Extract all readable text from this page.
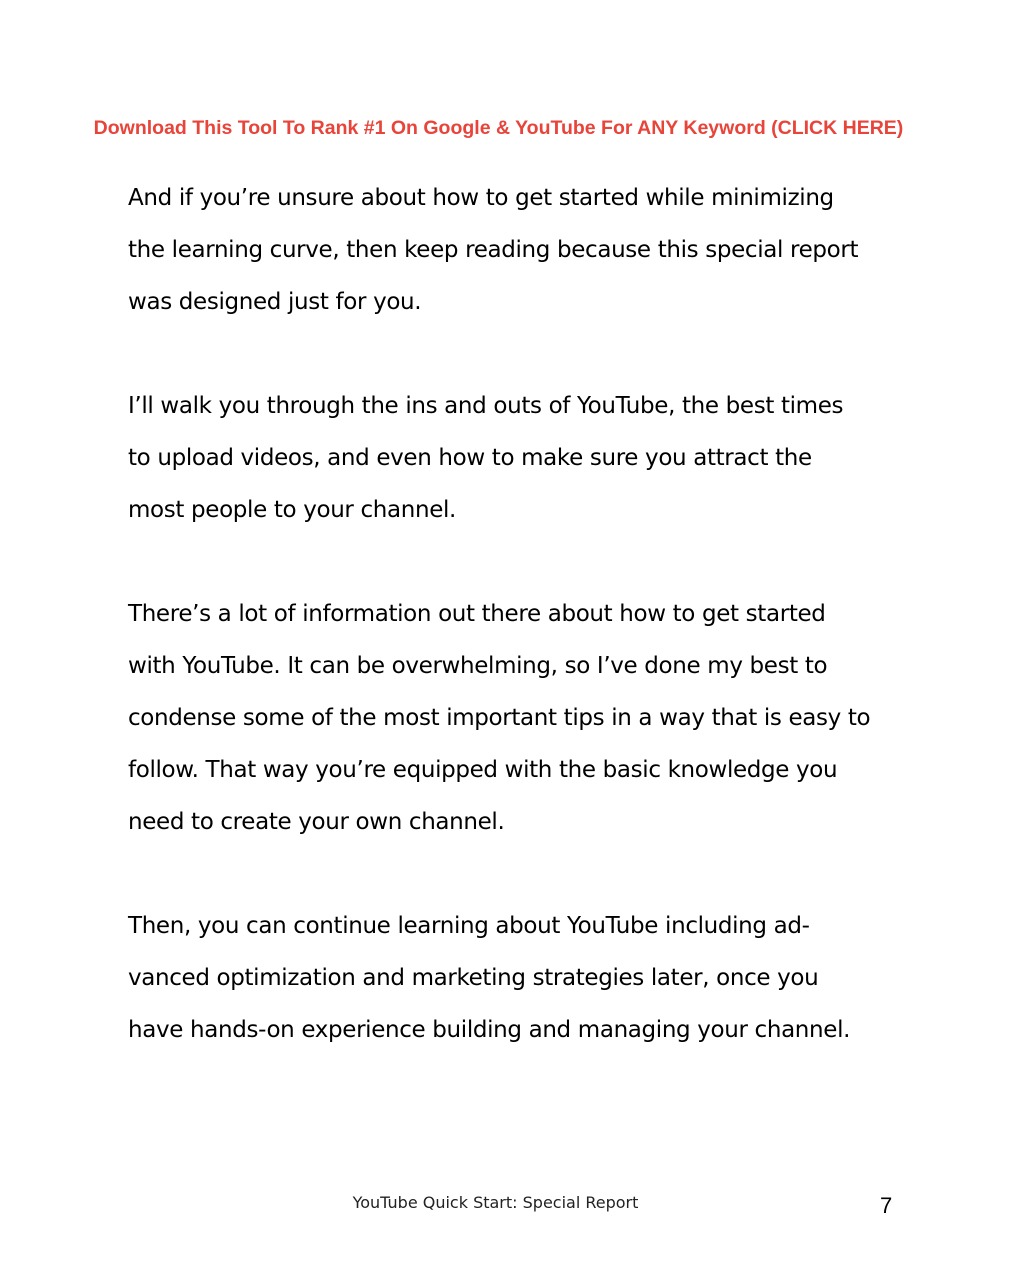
Download This Tool To Rank #1 On Google & YouTube For ANY Keyword (CLICK HERE)
And if you’re unsure about how to get started while minimizing
the learning curve, then keep reading because this special report
was designed just for you.
I’ll walk you through the ins and outs of YouTube, the best times
to upload videos, and even how to make sure you attract the
most people to your channel.
There’s a lot of information out there about how to get started
with YouTube. It can be overwhelming, so I’ve done my best to
condense some of the most important tips in a way that is easy to
follow. That way you’re equipped with the basic knowledge you
need to create your own channel.
Then, you can continue learning about YouTube including ad-
vanced optimization and marketing strategies later, once you
have hands-on experience building and managing your channel.
YouTube Quick Start: Special Report	7
